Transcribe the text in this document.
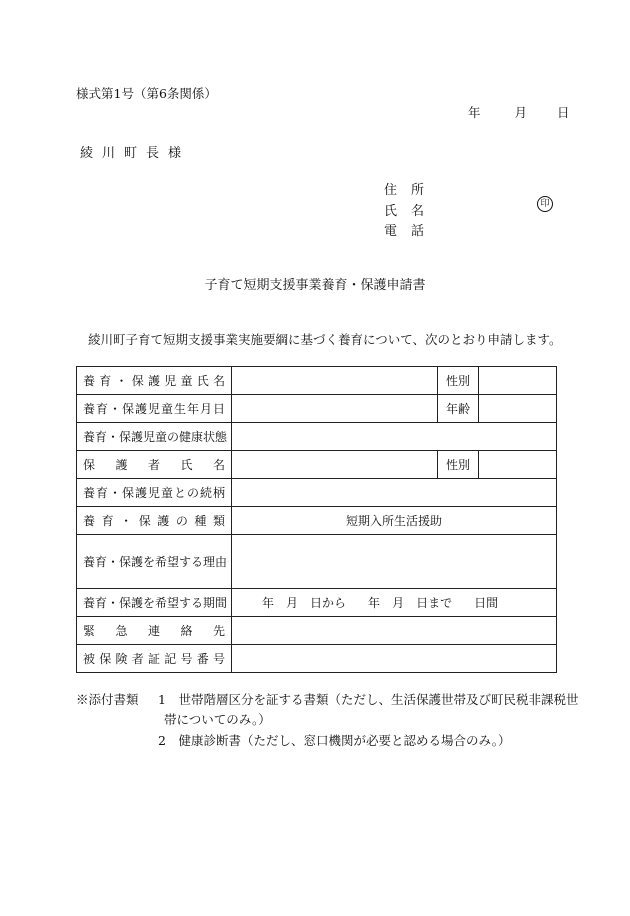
様式第1号（第6条関係）
年	月 日
綾川町長様
住所
氏名	印
電話
子育て短期支援事業養育・保護申請書
綾川町子育て短期支援事業実施要綱に基づく養育について、次のとおり申請します。
養育・保護児童氏名		性別	
養育・保護児童生年月日		年齢	
養育・保護児童の健康状態			
保護者氏名		性別	
養育・保護児童との続柄			
養育・保護の種類	短期入所生活援助		
養育・保護を希望する理由			
養育・保護を希望する期間	年 月 日から 年 月 日まで 日間		
緊急連絡先			
被保険者証記号番号			
※添付書類 1　世帯階層区分を証する書類（ただし、生活保護世帯及び町民税非課税世
帯についてのみ。）
2　健康診断書（ただし、窓口機関が必要と認める場合のみ。）
